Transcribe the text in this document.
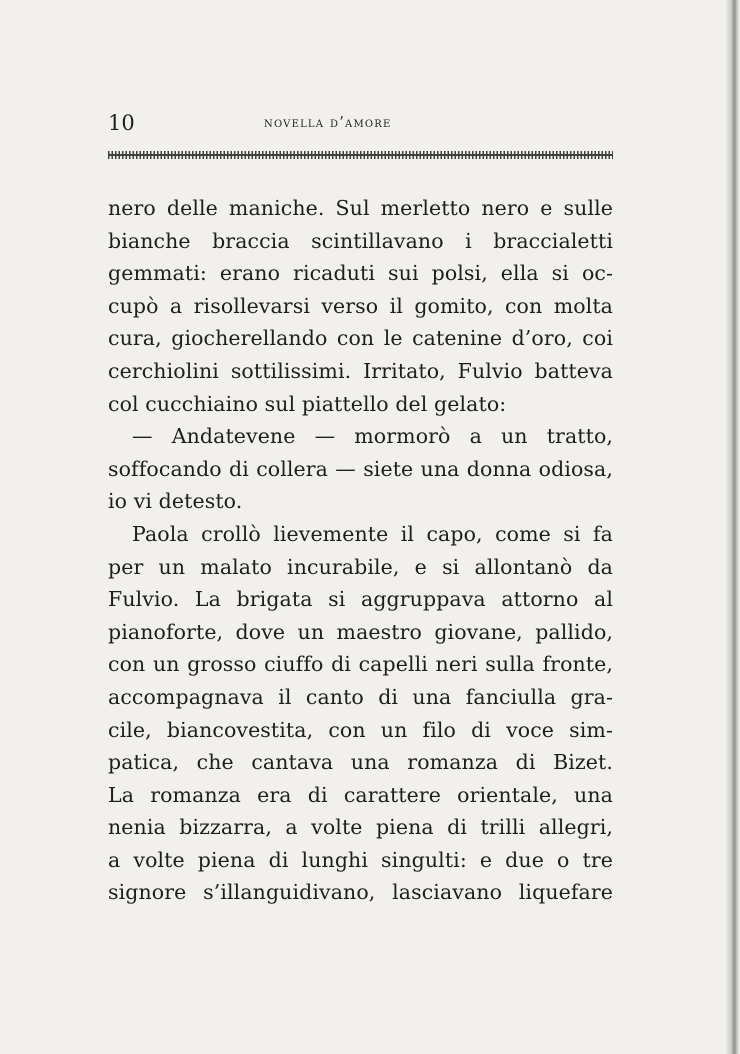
10	novella d’amore
nero delle maniche. Sul merletto nero e sulle
bianche braccia scintillavano i braccialetti
gemmati: erano ricaduti sui polsi, ella si oc-
cupò a risollevarsi verso il gomito, con molta
cura, giocherellando con le catenine d’oro, coi
cerchiolini sottilissimi. Irritato, Fulvio batteva
col cucchiaino sul piattello del gelato:
— Andatevene — mormorò a un tratto,
soffocando di collera — siete una donna odiosa,
io vi detesto.
Paola crollò lievemente il capo, come si fa
per un malato incurabile, e si allontanò da
Fulvio. La brigata si aggruppava attorno al
pianoforte, dove un maestro giovane, pallido,
con un grosso ciuffo di capelli neri sulla fronte,
accompagnava il canto di una fanciulla gra-
cile, biancovestita, con un filo di voce sim-
patica, che cantava una romanza di Bizet.
La romanza era di carattere orientale, una
nenia bizzarra, a volte piena di trilli allegri,
a volte piena di lunghi singulti: e due o tre
signore s’illanguidivano, lasciavano liquefare
